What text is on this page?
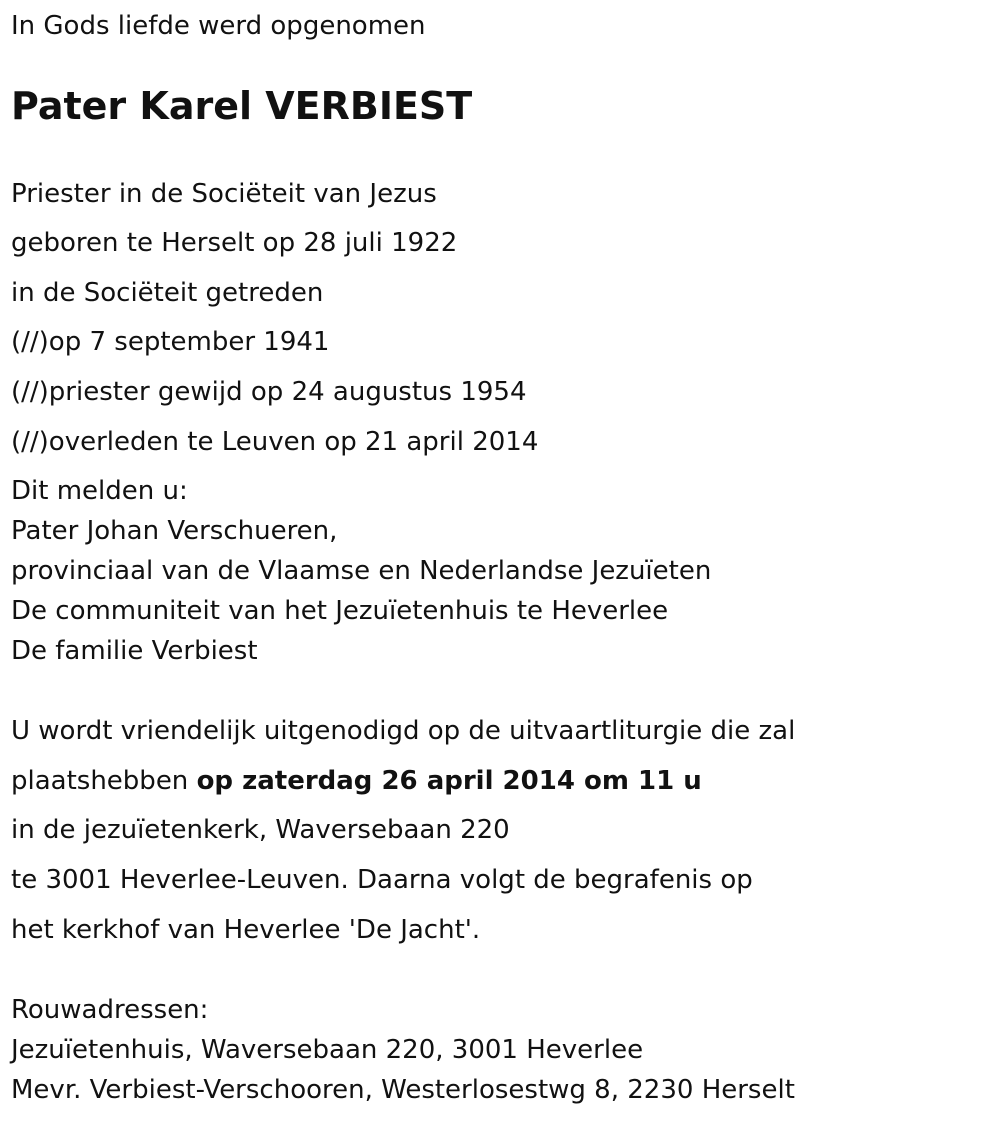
In Gods liefde werd opgenomen
Pater Karel VERBIEST
Priester in de Sociëteit van Jezus
geboren te Herselt op 28 juli 1922
in de Sociëteit getreden
(//)op 7 september 1941
(//)priester gewijd op 24 augustus 1954
(//)overleden te Leuven op 21 april 2014
Dit melden u:
Pater Johan Verschueren,
provinciaal van de Vlaamse en Nederlandse Jezuïeten
De communiteit van het Jezuïetenhuis te Heverlee
De familie Verbiest
U wordt vriendelijk uitgenodigd op de uitvaartliturgie die zal
plaatshebben op zaterdag 26 april 2014 om 11 u
in de jezuïetenkerk, Waversebaan 220
te 3001 Heverlee-Leuven. Daarna volgt de begrafenis op
het kerkhof van Heverlee 'De Jacht'.
Rouwadressen:
Jezuïetenhuis, Waversebaan 220, 3001 Heverlee
Mevr. Verbiest-Verschooren, Westerlosestwg 8, 2230 Herselt
